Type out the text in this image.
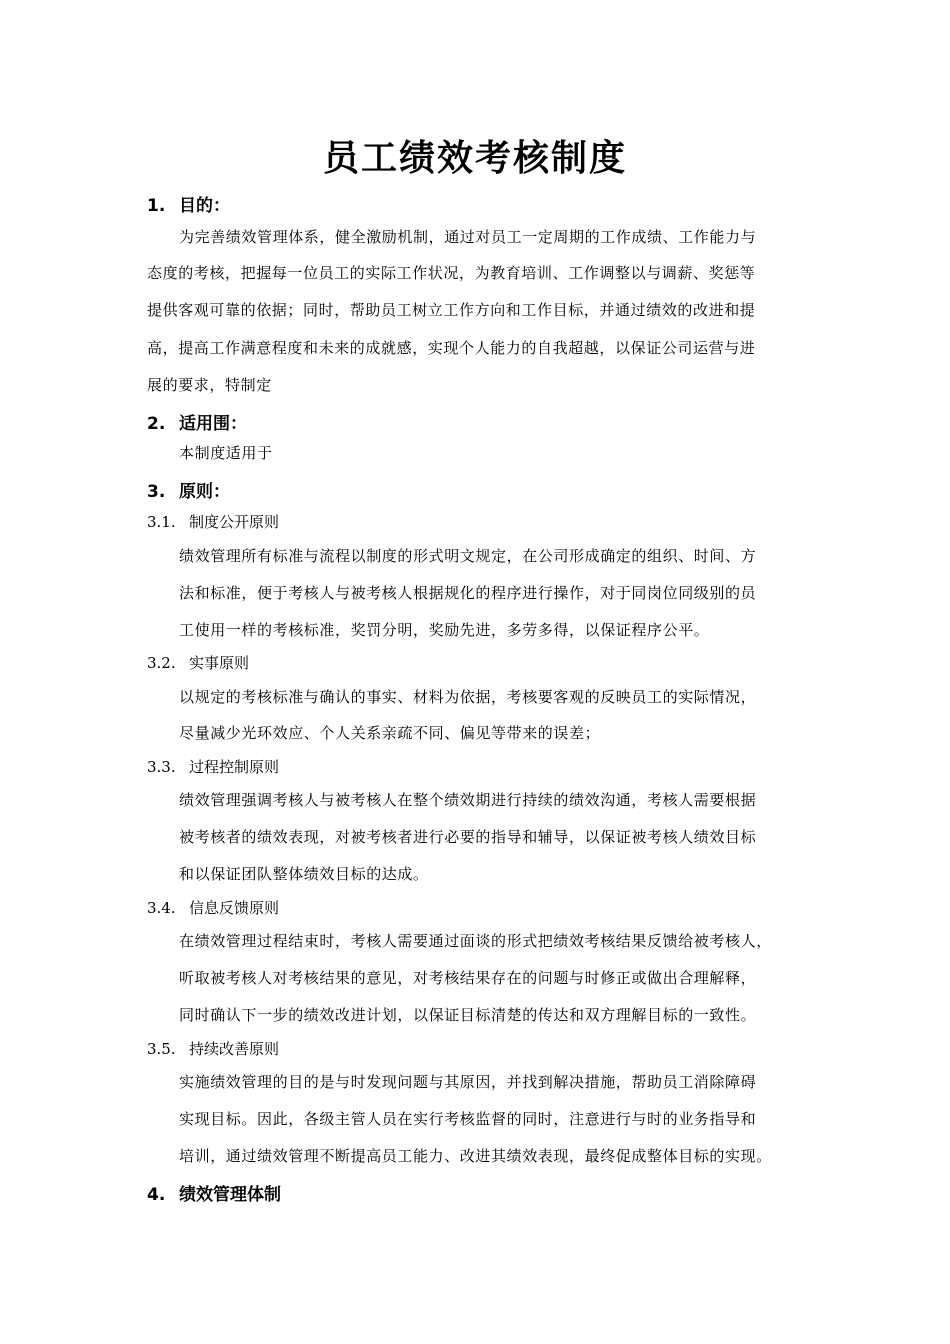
员工绩效考核制度
1. 目的：
为完善绩效管理体系，健全激励机制，通过对员工一定周期的工作成绩、工作能力与
态度的考核，把握每一位员工的实际工作状况，为教育培训、工作调整以与调薪、奖惩等
提供客观可靠的依据；同时，帮助员工树立工作方向和工作目标，并通过绩效的改进和提
高，提高工作满意程度和未来的成就感，实现个人能力的自我超越，以保证公司运营与进
展的要求，特制定
2. 适用围：
本制度适用于
3. 原则：
3.1. 制度公开原则
绩效管理所有标准与流程以制度的形式明文规定，在公司形成确定的组织、时间、方
法和标准，便于考核人与被考核人根据规化的程序进行操作，对于同岗位同级别的员
工使用一样的考核标准，奖罚分明，奖励先进，多劳多得，以保证程序公平。
3.2. 实事原则
以规定的考核标准与确认的事实、材料为依据，考核要客观的反映员工的实际情况，
尽量减少光环效应、个人关系亲疏不同、偏见等带来的误差；
3.3. 过程控制原则
绩效管理强调考核人与被考核人在整个绩效期进行持续的绩效沟通，考核人需要根据
被考核者的绩效表现，对被考核者进行必要的指导和辅导，以保证被考核人绩效目标
和以保证团队整体绩效目标的达成。
3.4. 信息反馈原则
在绩效管理过程结束时，考核人需要通过面谈的形式把绩效考核结果反馈给被考核人，
听取被考核人对考核结果的意见，对考核结果存在的问题与时修正或做出合理解释，
同时确认下一步的绩效改进计划，以保证目标清楚的传达和双方理解目标的一致性。
3.5. 持续改善原则
实施绩效管理的目的是与时发现问题与其原因，并找到解决措施，帮助员工消除障碍
实现目标。因此，各级主管人员在实行考核监督的同时，注意进行与时的业务指导和
培训，通过绩效管理不断提高员工能力、改进其绩效表现，最终促成整体目标的实现。
4. 绩效管理体制
